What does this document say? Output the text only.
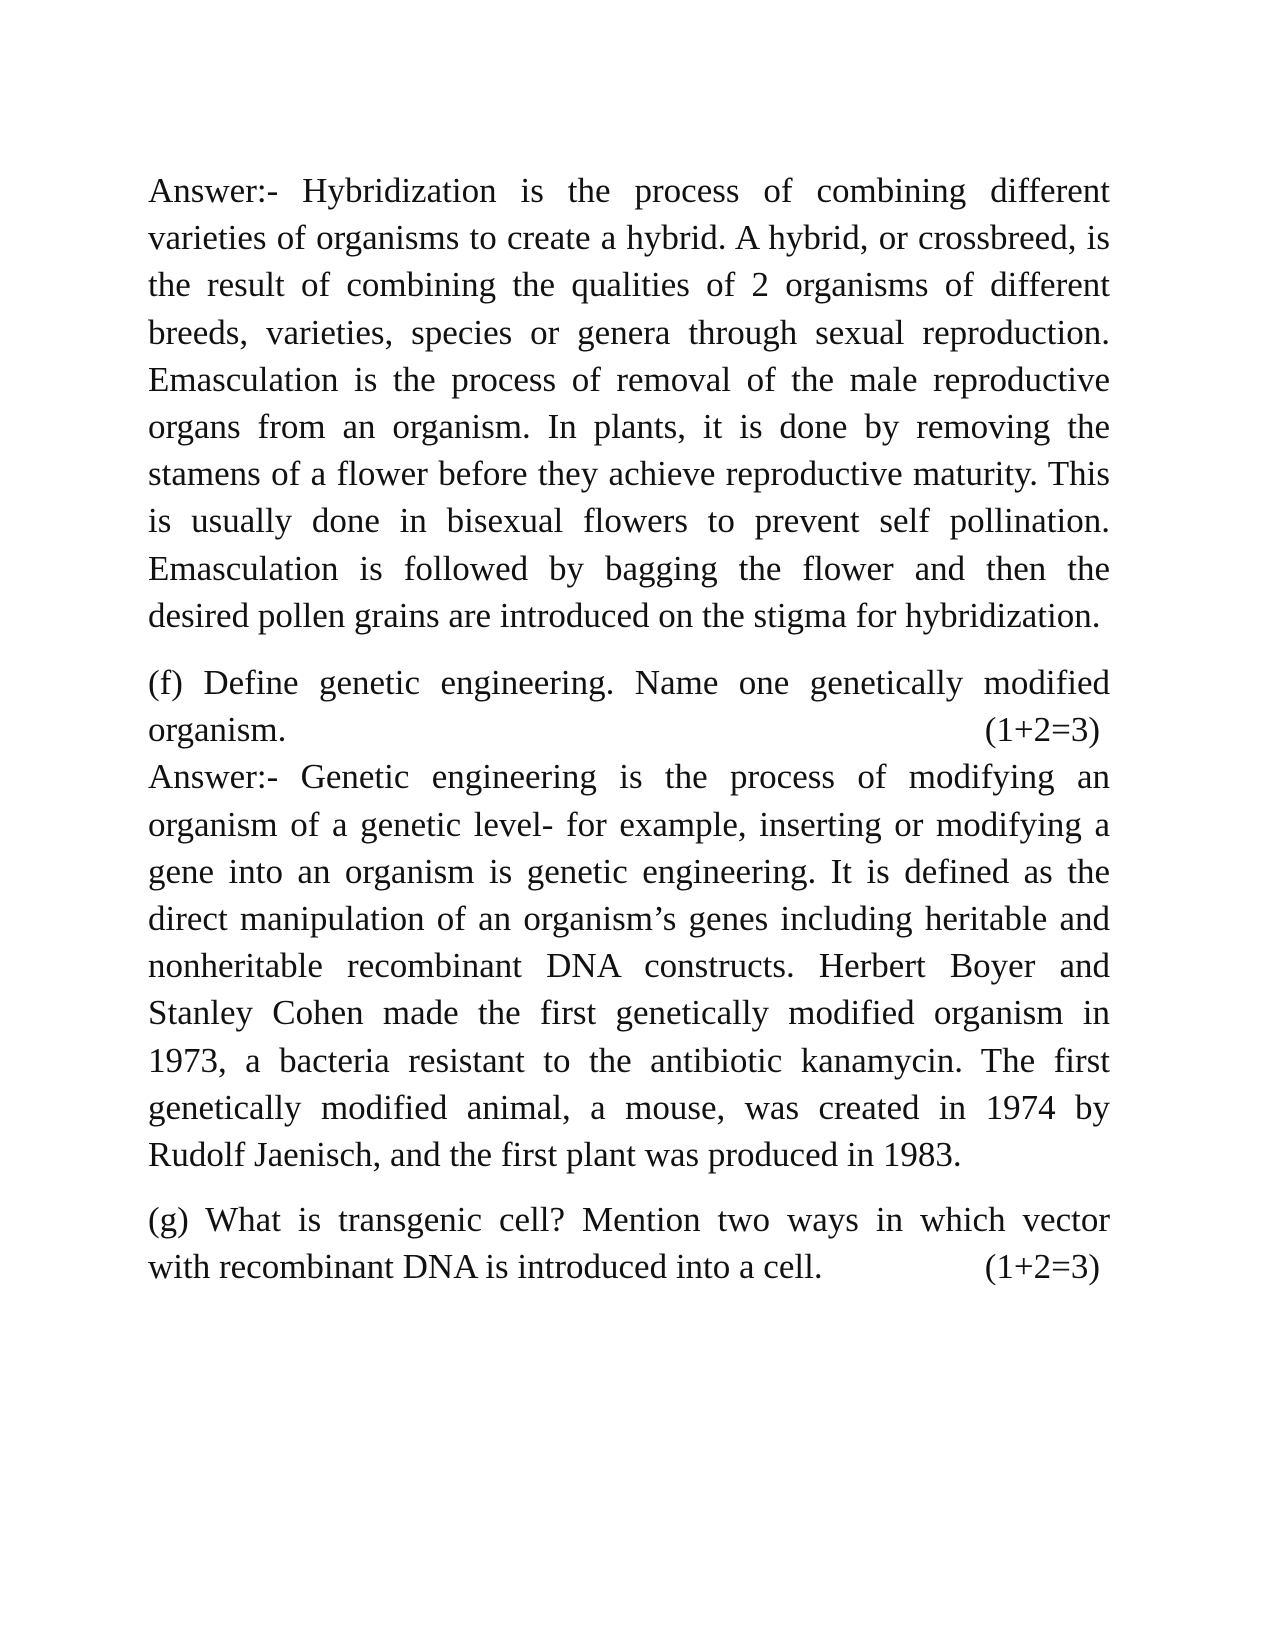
Answer:- Hybridization is the process of combining different varieties of organisms to create a hybrid. A hybrid, or crossbreed, is the result of combining the qualities of 2 organisms of different breeds, varieties, species or genera through sexual reproduction. Emasculation is the process of removal of the male reproductive organs from an organism. In plants, it is done by removing the stamens of a flower before they achieve reproductive maturity. This is usually done in bisexual flowers to prevent self pollination. Emasculation is followed by bagging the flower and then the desired pollen grains are introduced on the stigma for hybridization.

(f) Define genetic engineering. Name one genetically modified
organism.	(1+2=3)

Answer:- Genetic engineering is the process of modifying an organism of a genetic level- for example, inserting or modifying a gene into an organism is genetic engineering. It is defined as the direct manipulation of an organism’s genes including heritable and nonheritable recombinant DNA constructs. Herbert Boyer and Stanley Cohen made the first genetically modified organism in 1973, a bacteria resistant to the antibiotic kanamycin. The first genetically modified animal, a mouse, was created in 1974 by Rudolf Jaenisch, and the first plant was produced in 1983.

(g) What is transgenic cell? Mention two ways in which vector
with recombinant DNA is introduced into a cell.	(1+2=3)
